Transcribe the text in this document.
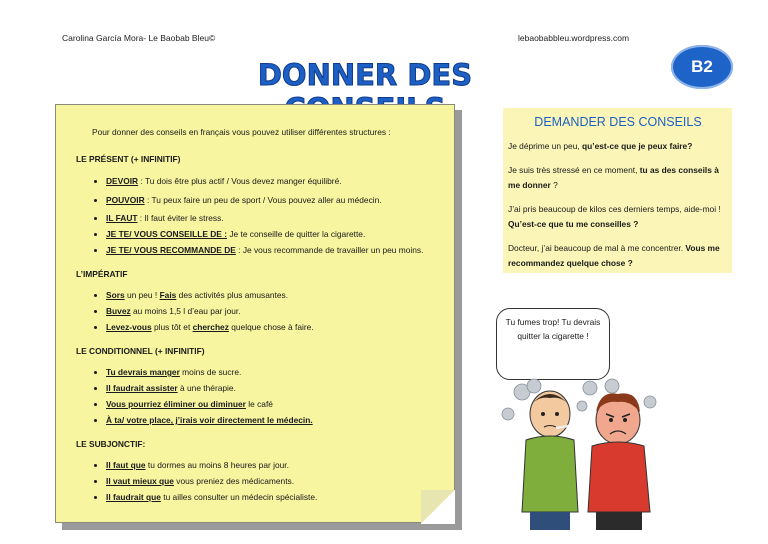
Carolina García Mora- Le Baobab Bleu©	lebaobabbleu.wordpress.com
B2
DONNER DES
Pour donner des conseils en français vous pouvez utiliser différentes structures :
LE PRÉSENT (+ INFINITIF)
• DEVOIR : Tu dois être plus actif / Vous devez manger équilibré.
• POUVOIR : Tu peux faire un peu de sport / Vous pouvez aller au médecin.
• IL FAUT : Il faut éviter le stress.
• JE TE/ VOUS CONSEILLE DE : Je te conseille de quitter la cigarette.
• JE TE/ VOUS RECOMMANDE DE : Je vous recommande de travailler un peu moins.
L’IMPÉRATIF
• Sors un peu ! Fais des activités plus amusantes.
• Buvez au moins 1,5 l d’eau par jour.
• Levez-vous plus tôt et cherchez quelque chose à faire.
LE CONDITIONNEL (+ INFINITIF)
• Tu devrais manger moins de sucre.
• Il faudrait assister à une thérapie.
• Vous pourriez éliminer ou diminuer le café
• À ta/ votre place, j’irais voir directement le médecin.
LE SUBJONCTIF:
• Il faut que tu dormes au moins 8 heures par jour.
• Il vaut mieux que vous preniez des médicaments.
• Il faudrait que tu ailles consulter un médecin spécialiste.
DEMANDER DES CONSEILS

Je déprime un peu, qu’est-ce que je peux faire?

Je suis très stressé en ce moment, tu as des conseils à me donner ?

J’ai pris beaucoup de kilos ces derniers temps, aide-moi ! Qu’est-ce que tu me conseilles ?

Docteur, j’ai beaucoup de mal à me concentrer. Vous me recommandez quelque chose ?

Tu fumes trop! Tu devrais quitter la cigarette !
